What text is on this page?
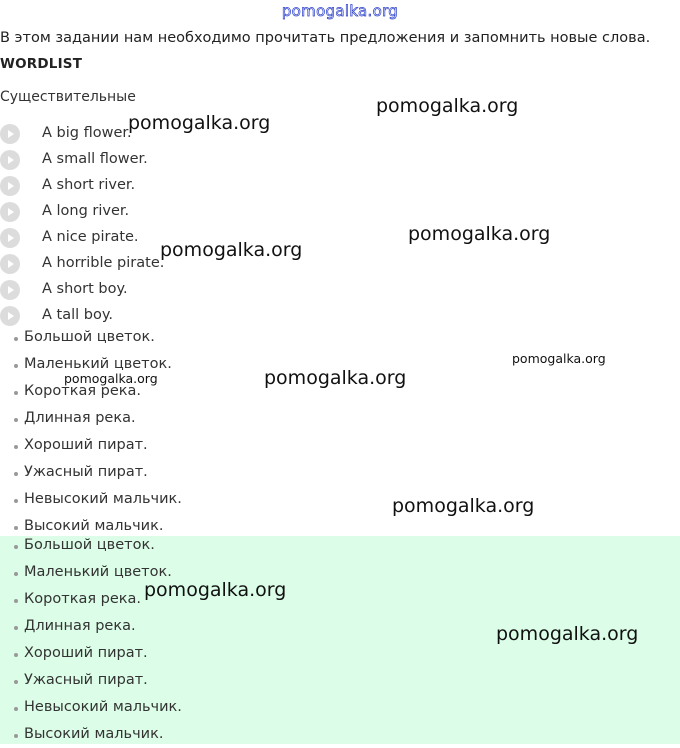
pomogalka.org
В этом задании нам необходимо прочитать предложения и запомнить новые слова.
WORDLIST
Существительные
A big flower.
A small flower.
A short river.
A long river.
A nice pirate.
A horrible pirate.
A short boy.
A tall boy.
Большой цветок.
Маленький цветок.
Короткая река.
Длинная река.
Хороший пират.
Ужасный пират.
Невысокий мальчик.
Высокий мальчик.
Большой цветок.
Маленький цветок.
Короткая река.
Длинная река.
Хороший пират.
Ужасный пират.
Невысокий мальчик.
Высокий мальчик.
pomogalka.org
pomogalka.org
pomogalka.org
pomogalka.org
pomogalka.org
pomogalka.org	pomogalka.org
pomogalka.org
pomogalka.org
pomogalka.org
